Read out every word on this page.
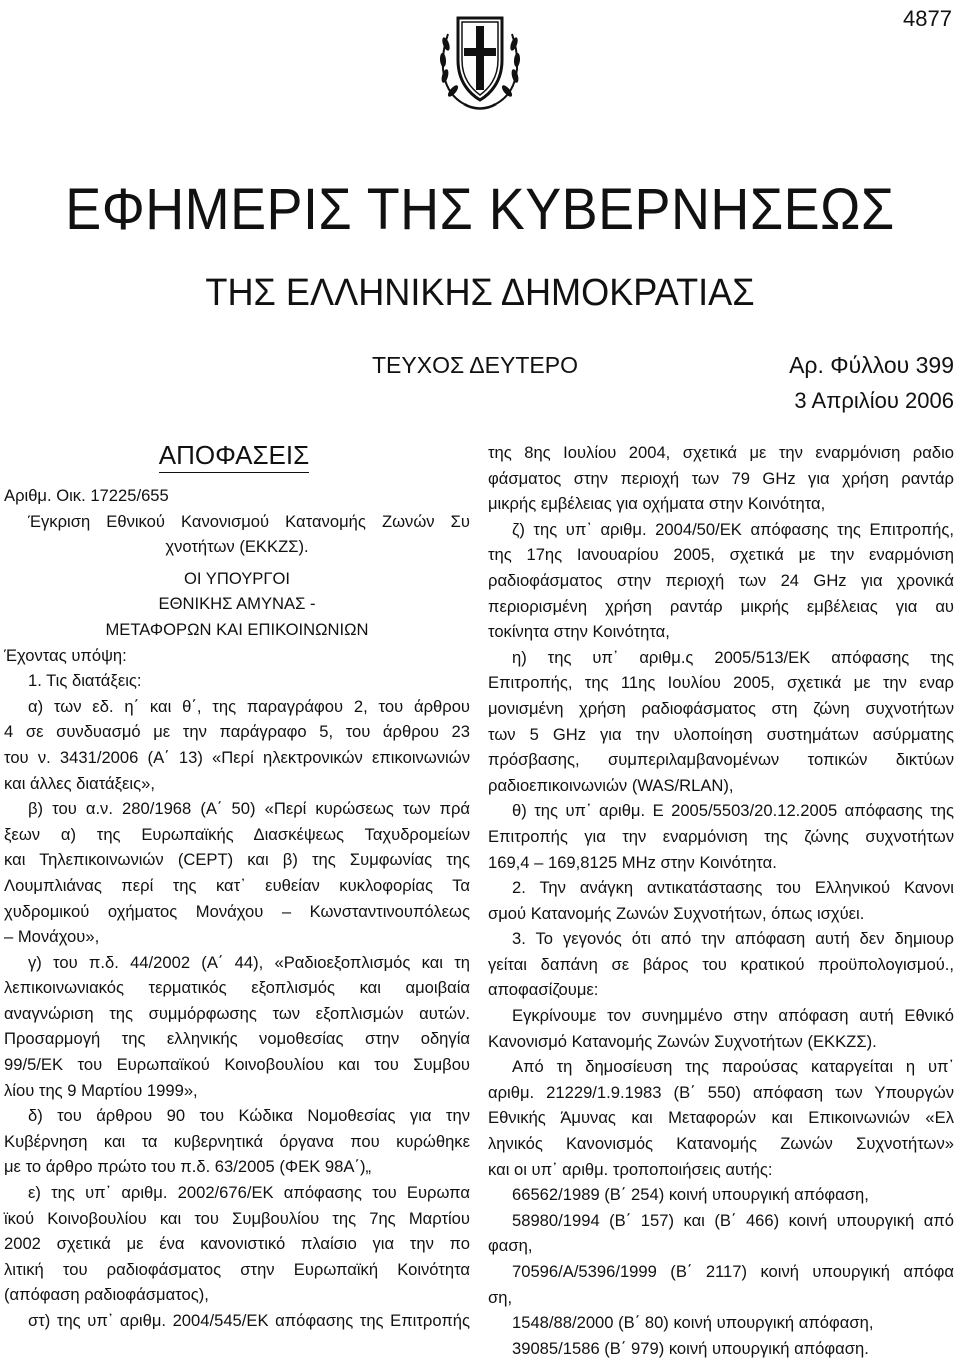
4877
ΕΦΗΜΕΡΙΣ ΤΗΣ ΚΥΒΕΡΝΗΣΕΩΣ
ΤΗΣ ΕΛΛΗΝΙΚΗΣ ΔΗΜΟΚΡΑΤΙΑΣ
ΤΕΥΧΟΣ ΔΕΥΤΕΡΟ	Αρ. Φύλλου 399
3 Απριλίου 2006
ΑΠΟΦΑΣΕΙΣ

Αριθμ. Οικ. 17225/655

Έγκριση Εθνικού Κανονισμού Κατανομής Ζωνών Συ

χνοτήτων (ΕΚΚΖΣ).

ΟΙ ΥΠΟΥΡΓΟΙ

ΕΘΝΙΚΗΣ ΑΜΥΝΑΣ -

ΜΕΤΑΦΟΡΩΝ ΚΑΙ ΕΠΙΚΟΙΝΩΝΙΩΝ

Έχοντας υπόψη:

1. Τις διατάξεις:

α) των εδ. η΄ και θ΄, της παραγράφου 2, του άρθρου

4 σε συνδυασμό με την παράγραφο 5, του άρθρου 23

του ν. 3431/2006 (Α΄ 13) «Περί ηλεκτρονικών επικοινωνιών

και άλλες διατάξεις»,

β) του α.ν. 280/1968 (Α΄ 50) «Περί κυρώσεως των πρά

ξεων α) της Ευρωπαϊκής Διασκέψεως Ταχυδρομείων

και Τηλεπικοινωνιών (CEPT) και β) της Συμφωνίας της

Λουμπλιάνας περί της κατ᾽ ευθείαν κυκλοφορίας Τα

χυδρομικού οχήματος Μονάχου – Κωνσταντινουπόλεως

– Μονάχου»,

γ) του π.δ. 44/2002 (Α΄ 44), «Ραδιοεξοπλισμός και τη

λεπικοινωνιακός τερματικός εξοπλισμός και αμοιβαία

αναγνώριση της συμμόρφωσης των εξοπλισμών αυτών.

Προσαρμογή της ελληνικής νομοθεσίας στην οδηγία

99/5/ΕΚ του Ευρωπαϊκού Κοινοβουλίου και του Συμβου

λίου της 9 Μαρτίου 1999»,

δ) του άρθρου 90 του Κώδικα Νομοθεσίας για την

Κυβέρνηση και τα κυβερνητικά όργανα που κυρώθηκε

με το άρθρο πρώτο του π.δ. 63/2005 (ΦΕΚ 98Α΄)„

ε) της υπ᾽ αριθμ. 2002/676/ΕΚ απόφασης του Ευρωπα

ϊκού Κοινοβουλίου και του Συμβουλίου της 7ης Μαρτίου

2002 σχετικά με ένα κανονιστικό πλαίσιο για την πο

λιτική του ραδιοφάσματος στην Ευρωπαϊκή Κοινότητα

(απόφαση ραδιοφάσματος),

στ) της υπ᾽ αριθμ. 2004/545/ΕΚ απόφασης της Επιτροπής

της 8ης Ιουλίου 2004, σχετικά με την εναρμόνιση ραδιο

φάσματος στην περιοχή των 79 GHz για χρήση ραντάρ

μικρής εμβέλειας για οχήματα στην Κοινότητα,

ζ) της υπ᾽ αριθμ. 2004/50/ΕΚ απόφασης της Επιτροπής,

της 17ης Ιανουαρίου 2005, σχετικά με την εναρμόνιση

ραδιοφάσματος στην περιοχή των 24 GHz για χρονικά

περιορισμένη χρήση ραντάρ μικρής εμβέλειας για αυ

τοκίνητα στην Κοινότητα,

η) της υπ᾽ αριθμ.ς 2005/513/ΕΚ απόφασης της

Επιτροπής, της 11ης Ιουλίου 2005, σχετικά με την εναρ

μονισμένη χρήση ραδιοφάσματος στη ζώνη συχνοτήτων

των 5 GHz για την υλοποίηση συστημάτων ασύρματης

πρόσβασης, συμπεριλαμβανομένων τοπικών δικτύων

ραδιοεπικοινωνιών (WAS/RLAN),

θ) της υπ᾽ αριθμ. Ε 2005/5503/20.12.2005 απόφασης της

Επιτροπής για την εναρμόνιση της ζώνης συχνοτήτων

169,4 – 169,8125 MHz στην Κοινότητα.

2. Την ανάγκη αντικατάστασης του Ελληνικού Κανονι

σμού Κατανομής Ζωνών Συχνοτήτων, όπως ισχύει.

3. Το γεγονός ότι από την απόφαση αυτή δεν δημιουρ

γείται δαπάνη σε βάρος του κρατικού προϋπολογισμού.,

αποφασίζουμε:

Εγκρίνουμε τον συνημμένο στην απόφαση αυτή Εθνικό

Κανονισμό Κατανομής Ζωνών Συχνοτήτων (ΕΚΚΖΣ).

Από τη δημοσίευση της παρούσας καταργείται η υπ᾽

αριθμ. 21229/1.9.1983 (Β΄ 550) απόφαση των Υπουργών

Εθνικής Άμυνας και Μεταφορών και Επικοινωνιών «Ελ

ληνικός Κανονισμός Κατανομής Ζωνών Συχνοτήτων»

και οι υπ᾽ αριθμ. τροποποιήσεις αυτής:

66562/1989 (Β΄ 254) κοινή υπουργική απόφαση,

58980/1994 (Β΄ 157) και (Β΄ 466) κοινή υπουργική από

φαση,

70596/Α/5396/1999 (Β΄ 2117) κοινή υπουργική απόφα

ση,

1548/88/2000 (Β΄ 80) κοινή υπουργική απόφαση,

39085/1586 (Β΄ 979) κοινή υπουργική απόφαση.
